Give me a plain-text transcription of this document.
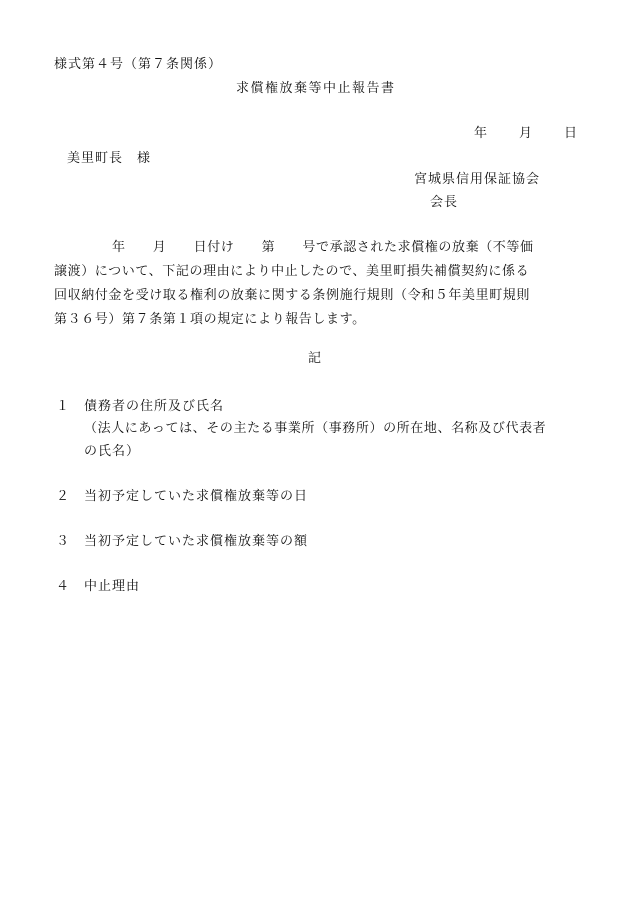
様式第４号（第７条関係）
求償権放棄等中止報告書
年 月 日
美里町長　様
宮城県信用保証協会
会長
年　　月　　日付け　　第　　号で承認された求償権の放棄（不等価
譲渡）について、下記の理由により中止したので、美里町損失補償契約に係る
回収納付金を受け取る権利の放棄に関する条例施行規則（令和５年美里町規則
第３６号）第７条第１項の規定により報告します。
記
１ 債務者の住所及び氏名
（法人にあっては、その主たる事業所（事務所）の所在地、名称及び代表者
の氏名）
２ 当初予定していた求償権放棄等の日
３ 当初予定していた求償権放棄等の額
４ 中止理由
